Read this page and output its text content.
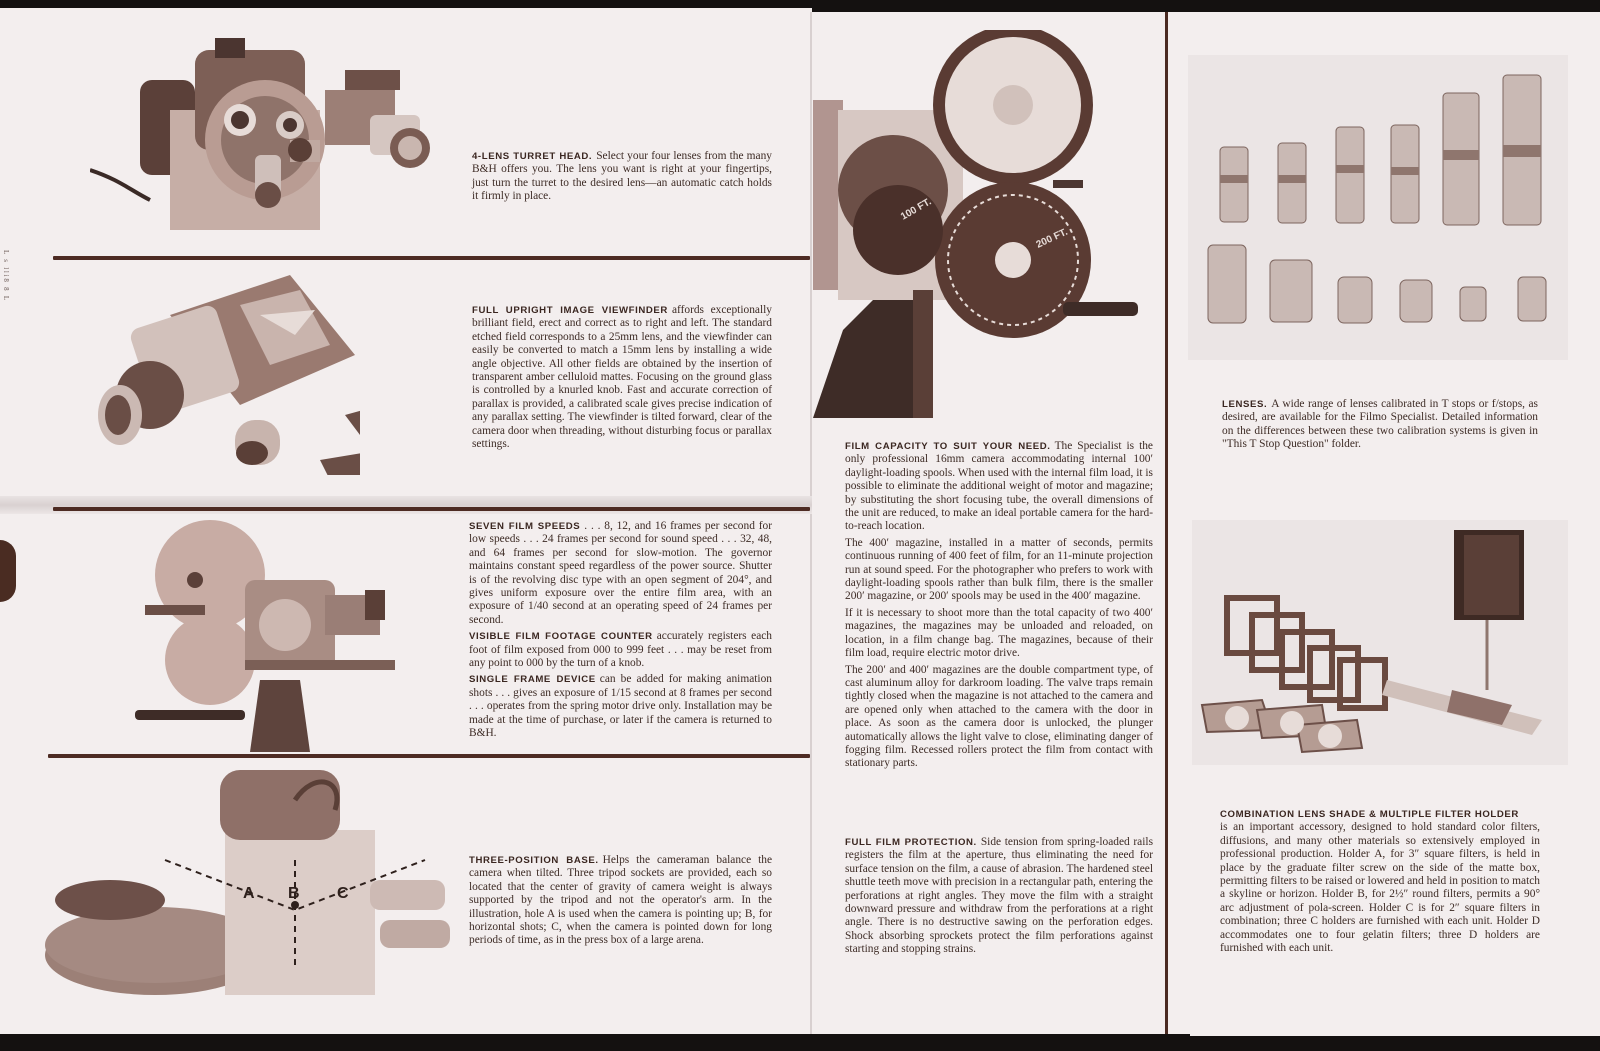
L   s   l l i 8   8   L
A B C
100 FT.
200 FT.
4-LENS TURRET HEAD. Select your four lenses from the many B&H offers you. The lens you want is right at your fingertips, just turn the turret to the desired lens—an automatic catch holds it firmly in place.
FULL UPRIGHT IMAGE VIEWFINDER affords exceptionally brilliant field, erect and correct as to right and left. The standard etched field corresponds to a 25mm lens, and the viewfinder can easily be converted to match a 15mm lens by installing a wide angle objective. All other fields are obtained by the insertion of transparent amber celluloid mattes. Focusing on the ground glass is controlled by a knurled knob. Fast and accurate correction of parallax is provided, a calibrated scale gives precise indication of any parallax setting. The viewfinder is tilted forward, clear of the camera door when threading, without disturbing focus or parallax settings.

SEVEN FILM SPEEDS . . . 8, 12, and 16 frames per second for low speeds . . . 24 frames per second for sound speed . . . 32, 48, and 64 frames per second for slow-motion. The governor maintains constant speed regardless of the power source. Shutter is of the revolving disc type with an open segment of 204°, and gives uniform exposure over the entire film area, with an exposure of 1/40 second at an operating speed of 24 frames per second.

VISIBLE FILM FOOTAGE COUNTER accurately registers each foot of film exposed from 000 to 999 feet . . . may be reset from any point to 000 by the turn of a knob.

SINGLE FRAME DEVICE can be added for making animation shots . . . gives an exposure of 1/15 second at 8 frames per second . . . operates from the spring motor drive only. Installation may be made at the time of purchase, or later if the camera is returned to B&H.

THREE-POSITION BASE. Helps the cameraman balance the camera when tilted. Three tripod sockets are provided, each so located that the center of gravity of camera weight is always supported by the tripod and not the operator's arm. In the illustration, hole A is used when the camera is pointing up; B, for horizontal shots; C, when the camera is pointed down for long periods of time, as in the press box of a large arena.

FILM CAPACITY TO SUIT YOUR NEED. The Specialist is the only professional 16mm camera accommodating internal 100′ daylight-loading spools. When used with the internal film load, it is possible to eliminate the additional weight of motor and magazine; by substituting the short focusing tube, the overall dimensions of the unit are reduced, to make an ideal portable camera for the hard-to-reach location.

The 400′ magazine, installed in a matter of seconds, permits continuous running of 400 feet of film, for an 11-minute projection run at sound speed. For the photographer who prefers to work with daylight-loading spools rather than bulk film, there is the smaller 200′ magazine, or 200′ spools may be used in the 400′ magazine.

If it is necessary to shoot more than the total capacity of two 400′ magazines, the magazines may be unloaded and reloaded, on location, in a film change bag. The magazines, because of their film load, require electric motor drive.

The 200′ and 400′ magazines are the double compartment type, of cast aluminum alloy for darkroom loading. The valve traps remain tightly closed when the magazine is not attached to the camera and are opened only when attached to the camera with the door in place. As soon as the camera door is unlocked, the plunger automatically allows the light valve to close, eliminating danger of fogging film. Recessed rollers protect the film from contact with stationary parts.

FULL FILM PROTECTION. Side tension from spring-loaded rails registers the film at the aperture, thus eliminating the need for surface tension on the film, a cause of abrasion. The hardened steel shuttle teeth move with precision in a rectangular path, entering the perforations at right angles. They move the film with a straight downward pressure and withdraw from the perforations at a right angle. There is no destructive sawing on the perforation edges. Shock absorbing sprockets protect the film perforations against starting and stopping strains.
LENSES. A wide range of lenses calibrated in T stops or f/stops, as desired, are available for the Filmo Specialist. Detailed information on the differences between these two calibration systems is given in "This T Stop Question" folder.
COMBINATION LENS SHADE & MULTIPLE FILTER HOLDER
is an important accessory, designed to hold standard color filters, diffusions, and many other materials so extensively employed in professional production. Holder A, for 3″ square filters, is held in place by the graduate filter screw on the side of the matte box, permitting filters to be raised or lowered and held in position to match a skyline or horizon. Holder B, for 2½″ round filters, permits a 90° arc adjustment of pola-screen. Holder C is for 2″ square filters in combination; three C holders are furnished with each unit. Holder D accommodates one to four gelatin filters; three D holders are furnished with each unit.
